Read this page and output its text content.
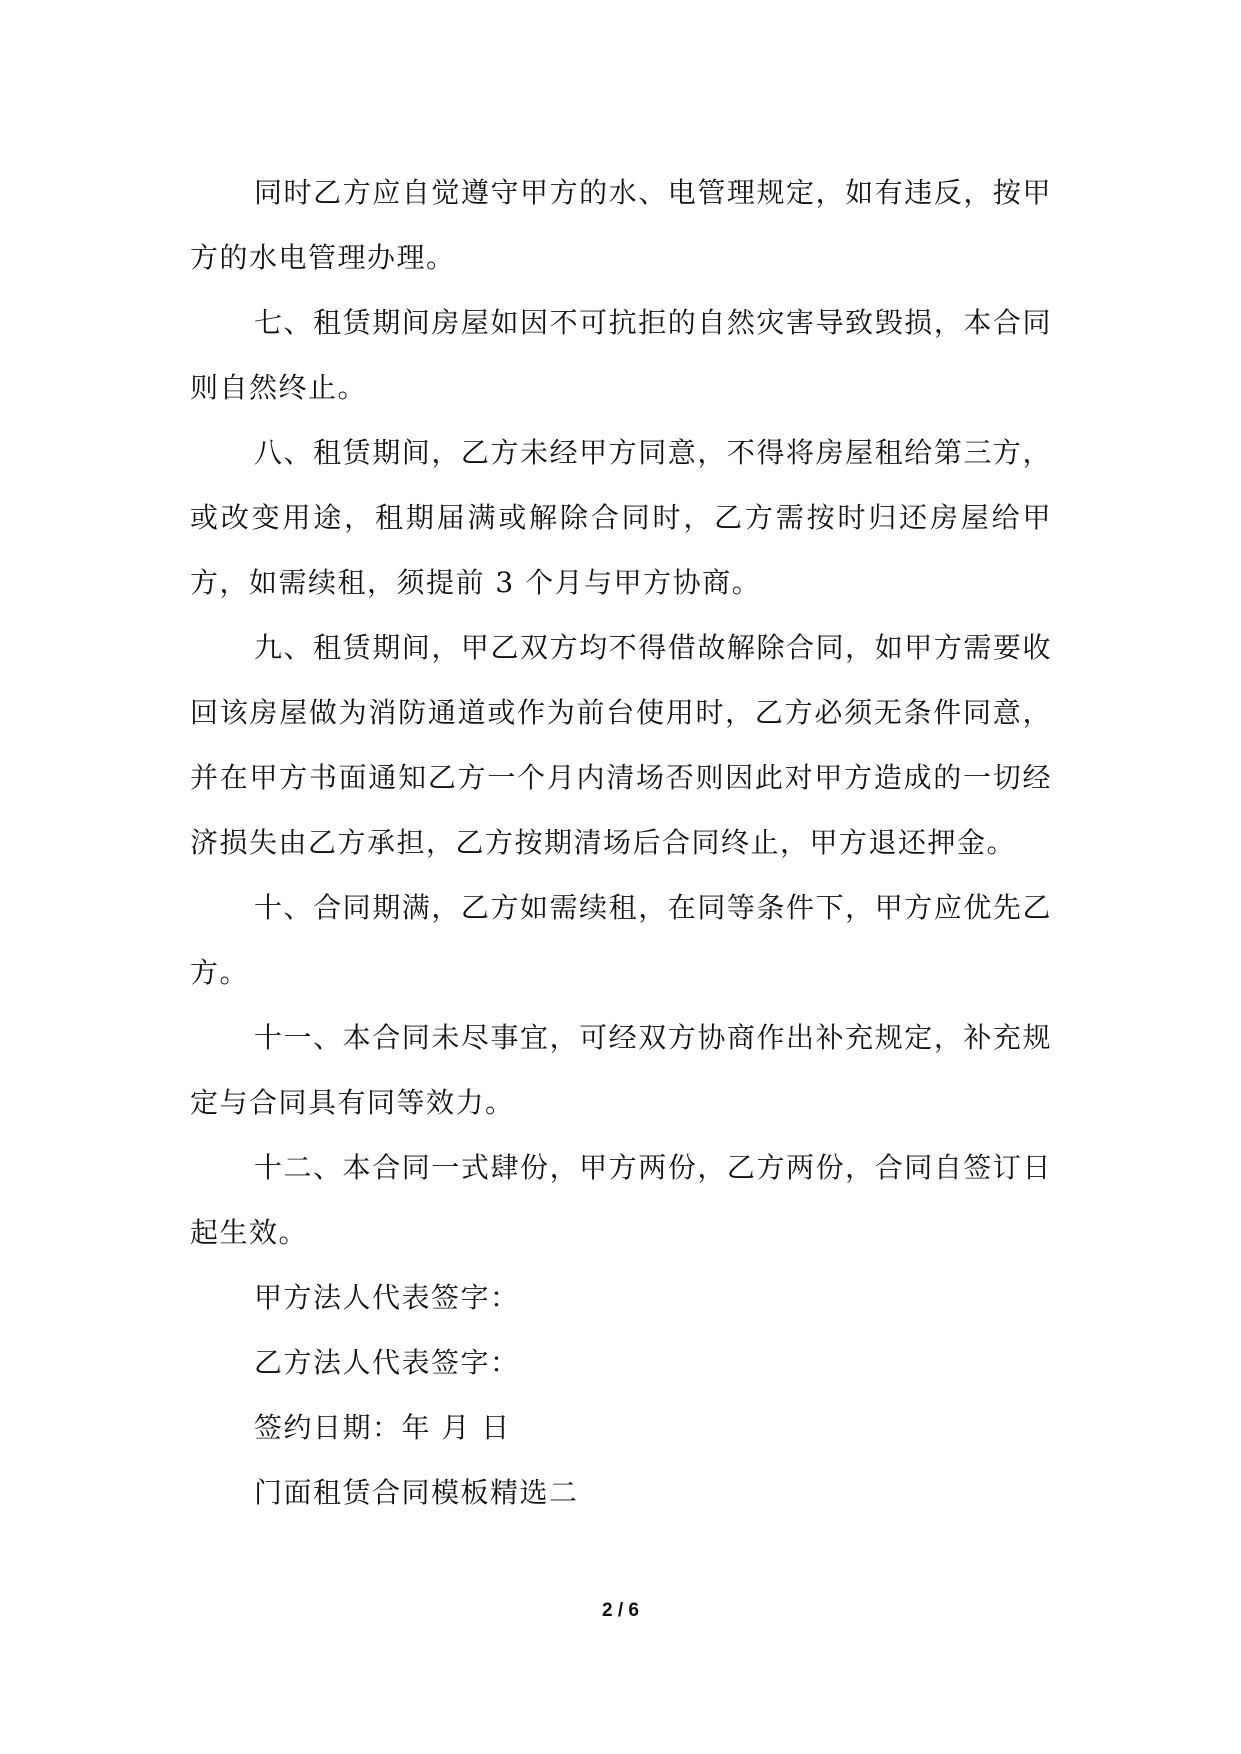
同时乙方应自觉遵守甲方的水、电管理规定，如有违反，按甲方的水电管理办理。

七、租赁期间房屋如因不可抗拒的自然灾害导致毁损，本合同则自然终止。

八、租赁期间，乙方未经甲方同意，不得将房屋租给第三方，或改变用途，租期届满或解除合同时，乙方需按时归还房屋给甲方，如需续租，须提前 3 个月与甲方协商。

九、租赁期间，甲乙双方均不得借故解除合同，如甲方需要收回该房屋做为消防通道或作为前台使用时，乙方必须无条件同意，并在甲方书面通知乙方一个月内清场否则因此对甲方造成的一切经济损失由乙方承担，乙方按期清场后合同终止，甲方退还押金。

十、合同期满，乙方如需续租，在同等条件下，甲方应优先乙方。

十一、本合同未尽事宜，可经双方协商作出补充规定，补充规定与合同具有同等效力。

十二、本合同一式肆份，甲方两份，乙方两份，合同自签订日起生效。

甲方法人代表签字：

乙方法人代表签字：

签约日期：年 月 日

门面租赁合同模板精选二

2 / 6
